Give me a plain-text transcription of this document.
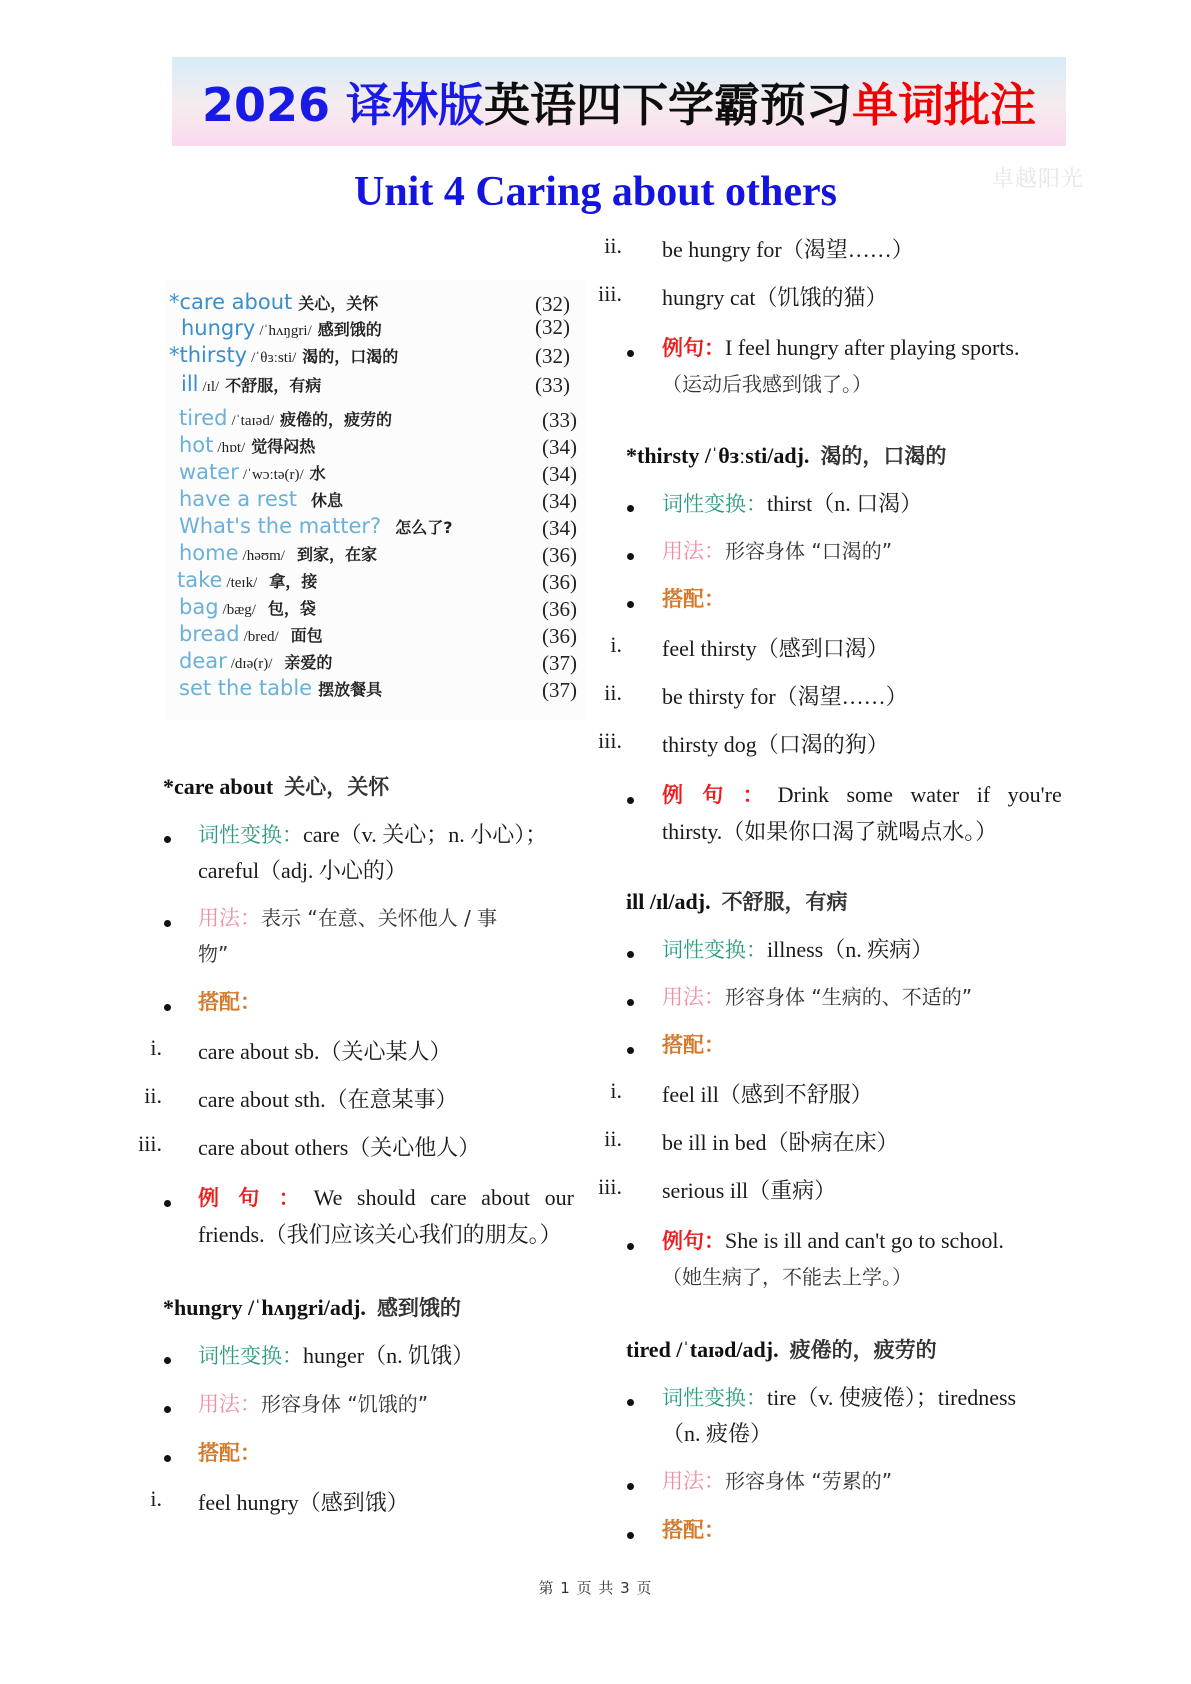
2026 译林版英语四下学霸预习单词批注
卓越阳光
Unit 4 Caring about others
*care about 关心，关怀
hungry /ˈhʌŋgri/ 感到饿的
*thirsty /ˈθɜːsti/ 渴的，口渴的
ill /ɪl/ 不舒服，有病
tired /ˈtaɪəd/ 疲倦的，疲劳的
hot /hɒt/ 觉得闷热
water /ˈwɔːtə(r)/ 水
have a rest 休息
What's the matter? 怎么了?
home /həʊm/ 到家，在家
take /teɪk/ 拿，接
bag /bæg/ 包，袋
bread /bred/ 面包
dear /dɪə(r)/ 亲爱的
set the table 摆放餐具
(32)
(32)
(32)
(33)
(33)
(34)
(34)
(34)
(34)
(36)
(36)
(36)
(36)
(37)
(37)
*care about 关心，关怀
词性变换：care（v. 关心；n. 小心）；
careful（adj. 小心的）
用法：表示 “在意、关怀他人 / 事
物”
搭配：
i. care about sb.（关心某人）
ii. care about sth.（在意某事）
iii. care about others（关心他人）
例 句 ： We should care about our
friends.（我们应该关心我们的朋友。）
*hungry /ˈhʌŋgri/adj. 感到饿的
词性变换：hunger（n. 饥饿）
用法：形容身体 “饥饿的”
搭配：
i. feel hungry（感到饿）
ii. be hungry for（渴望……）
iii. hungry cat（饥饿的猫）
例句：I feel hungry after playing sports.
（运动后我感到饿了。）
*thirsty /ˈθɜːsti/adj. 渴的，口渴的
词性变换：thirst（n. 口渴）
用法：形容身体 “口渴的”
搭配：
i. feel thirsty（感到口渴）
ii. be thirsty for（渴望……）
iii. thirsty dog（口渴的狗）
例 句 ： Drink some water if you're
thirsty.（如果你口渴了就喝点水。）
ill /ɪl/adj. 不舒服，有病
词性变换：illness（n. 疾病）
用法：形容身体 “生病的、不适的”
搭配：
i. feel ill（感到不舒服）
ii. be ill in bed（卧病在床）
iii. serious ill（重病）
例句：She is ill and can't go to school.
（她生病了，不能去上学。）
tired /ˈtaɪəd/adj. 疲倦的，疲劳的
词性变换：tire（v. 使疲倦）；tiredness
（n. 疲倦）
用法：形容身体 “劳累的”
搭配：
第 1 页 共 3 页
